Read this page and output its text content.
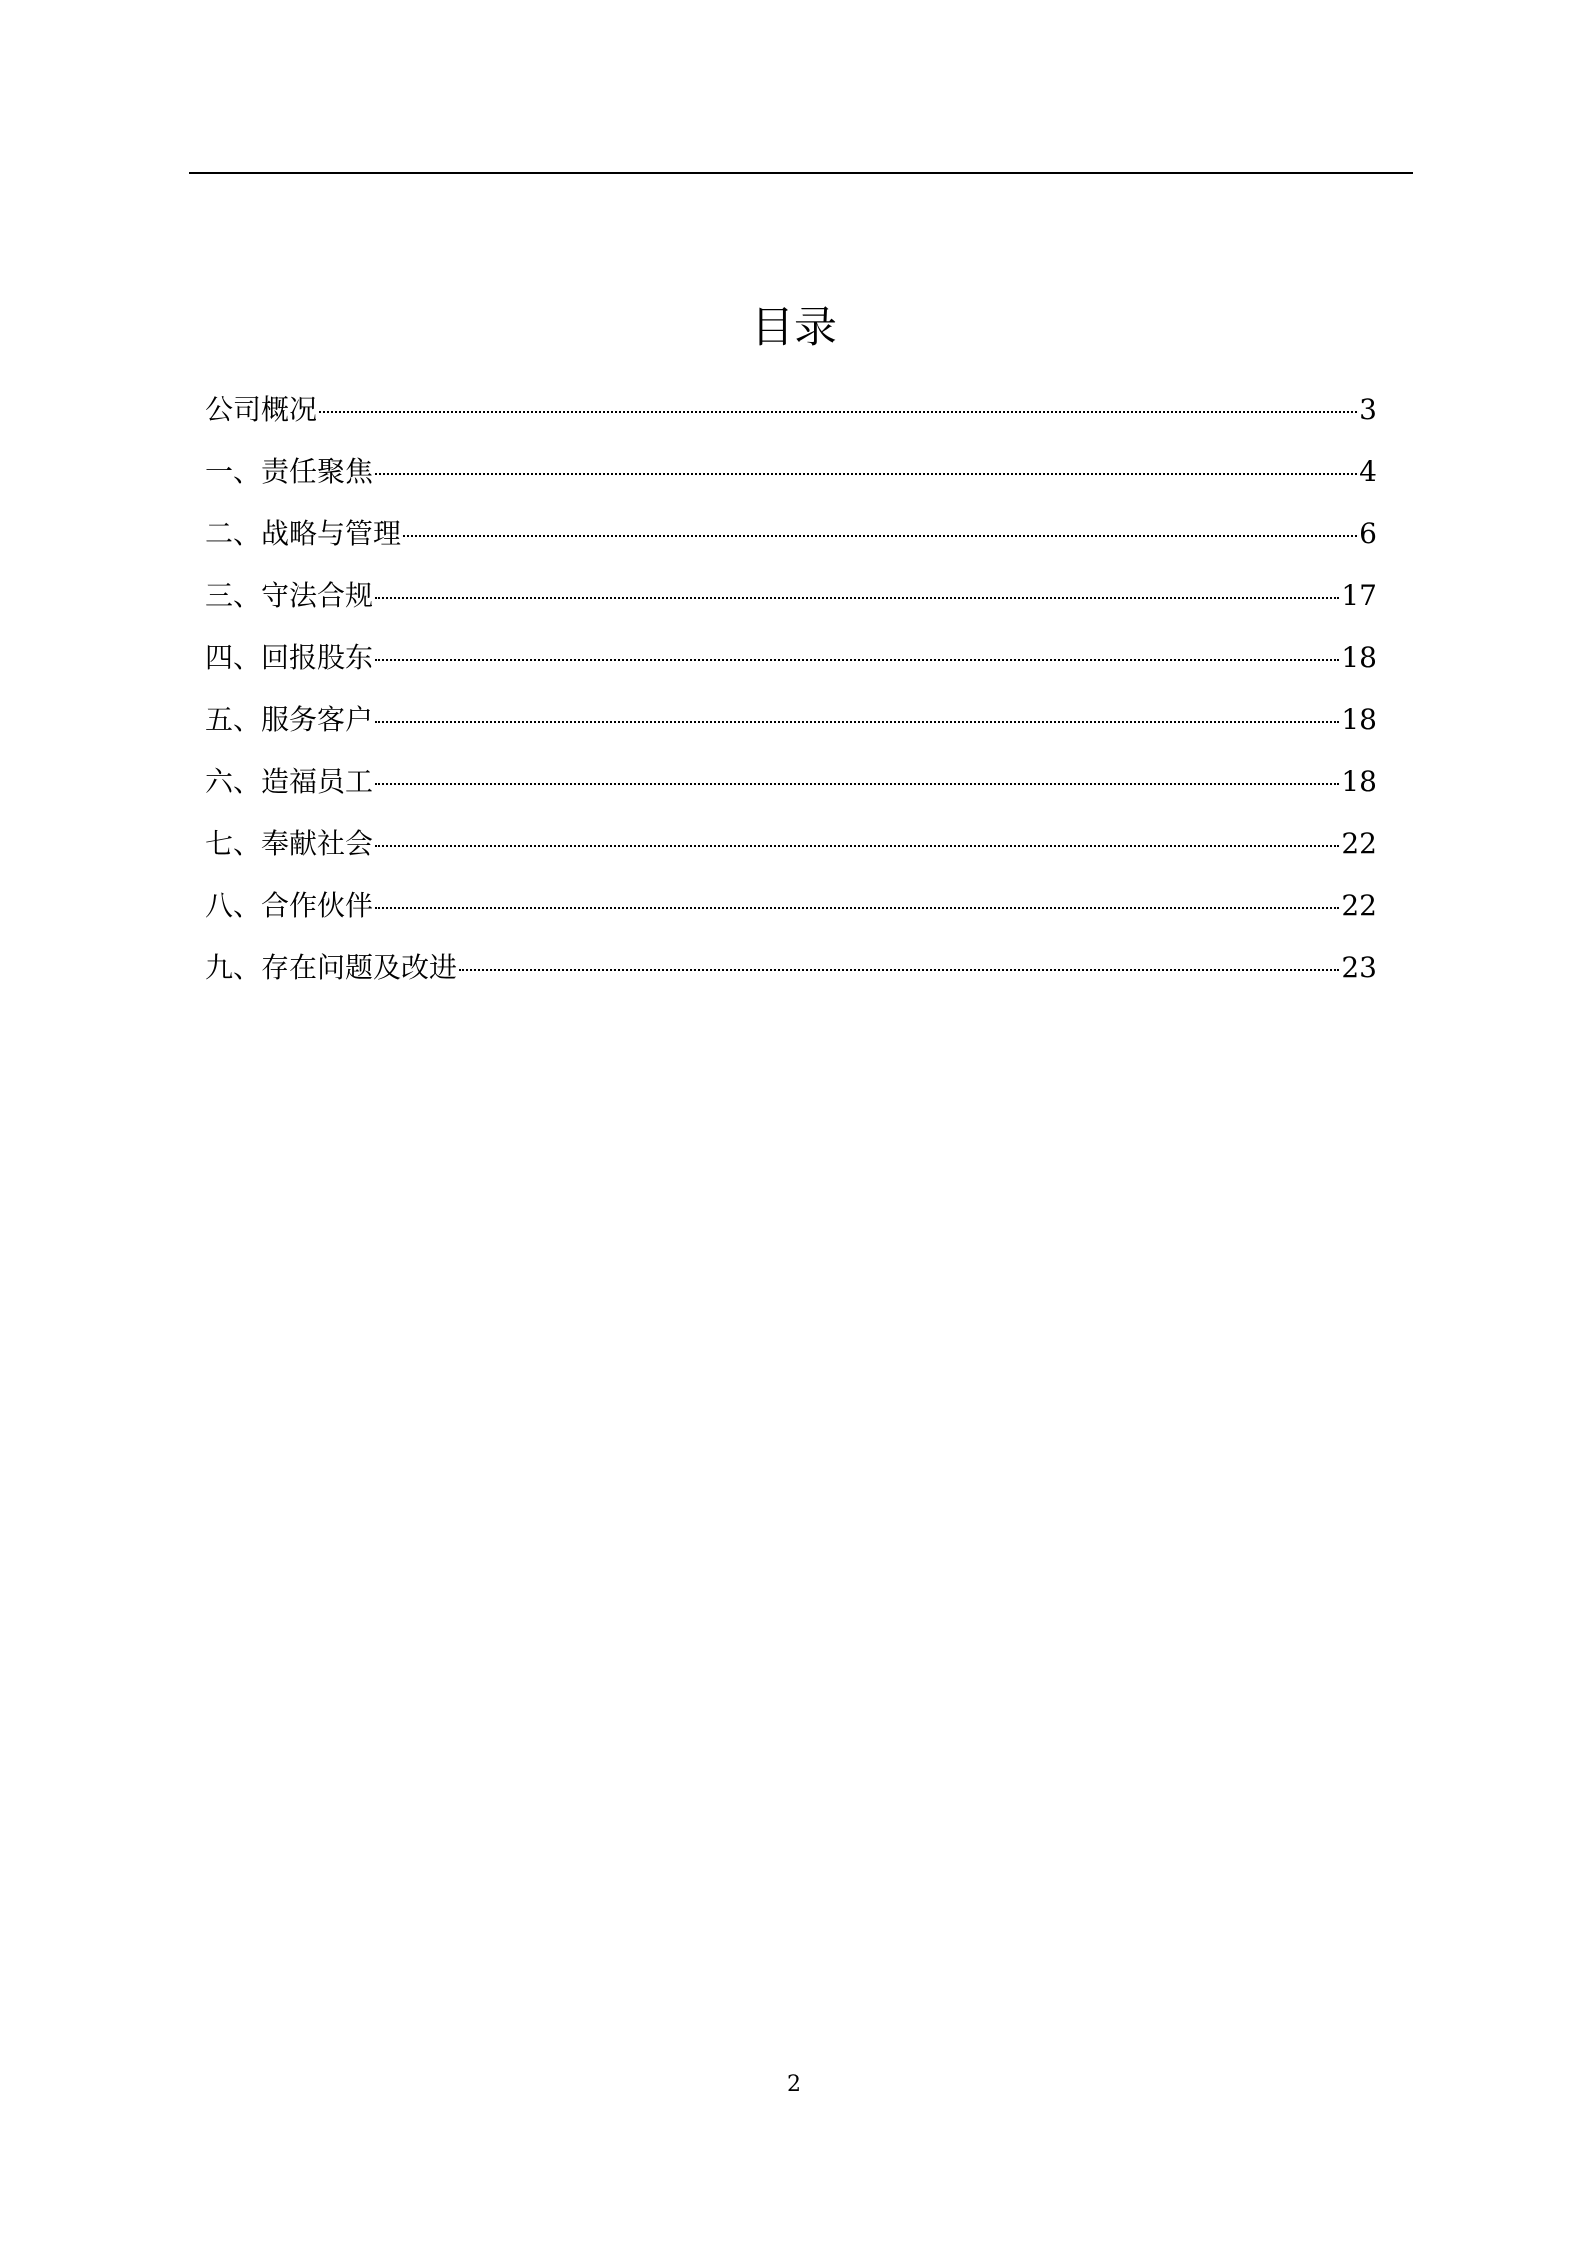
目录
公司概况	3
一、责任聚焦	4
二、战略与管理	6
三、守法合规	17
四、回报股东	18
五、服务客户	18
六、造福员工	18
七、奉献社会	22
八、合作伙伴	22
九、存在问题及改进	23
2
